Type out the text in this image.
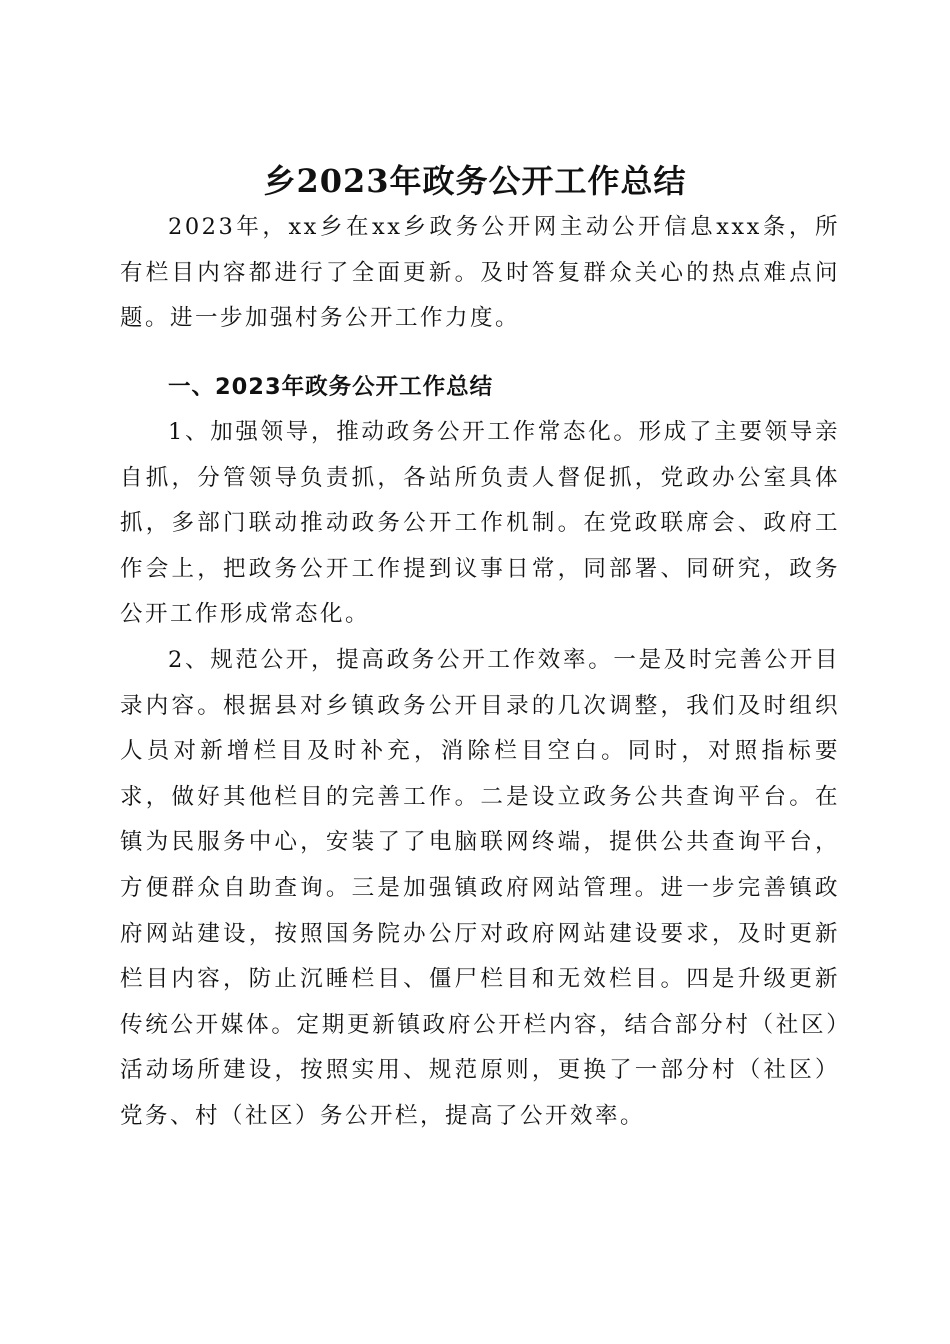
乡2023年政务公开工作总结

2023年，xx乡在xx乡政务公开网主动公开信息xxx条，所有栏目内容都进行了全面更新。及时答复群众关心的热点难点问题。进一步加强村务公开工作力度。

一、2023年政务公开工作总结

1、加强领导，推动政务公开工作常态化。形成了主要领导亲自抓，分管领导负责抓，各站所负责人督促抓，党政办公室具体抓，多部门联动推动政务公开工作机制。在党政联席会、政府工作会上，把政务公开工作提到议事日常，同部署、同研究，政务公开工作形成常态化。

2、规范公开，提高政务公开工作效率。一是及时完善公开目录内容。根据县对乡镇政务公开目录的几次调整，我们及时组织人员对新增栏目及时补充，消除栏目空白。同时，对照指标要求，做好其他栏目的完善工作。二是设立政务公共查询平台。在镇为民服务中心，安装了了电脑联网终端，提供公共查询平台，方便群众自助查询。三是加强镇政府网站管理。进一步完善镇政府网站建设，按照国务院办公厅对政府网站建设要求，及时更新栏目内容，防止沉睡栏目、僵尸栏目和无效栏目。四是升级更新传统公开媒体。定期更新镇政府公开栏内容，结合部分村（社区）活动场所建设，按照实用、规范原则，更换了一部分村（社区）党务、村（社区）务公开栏，提高了公开效率。
